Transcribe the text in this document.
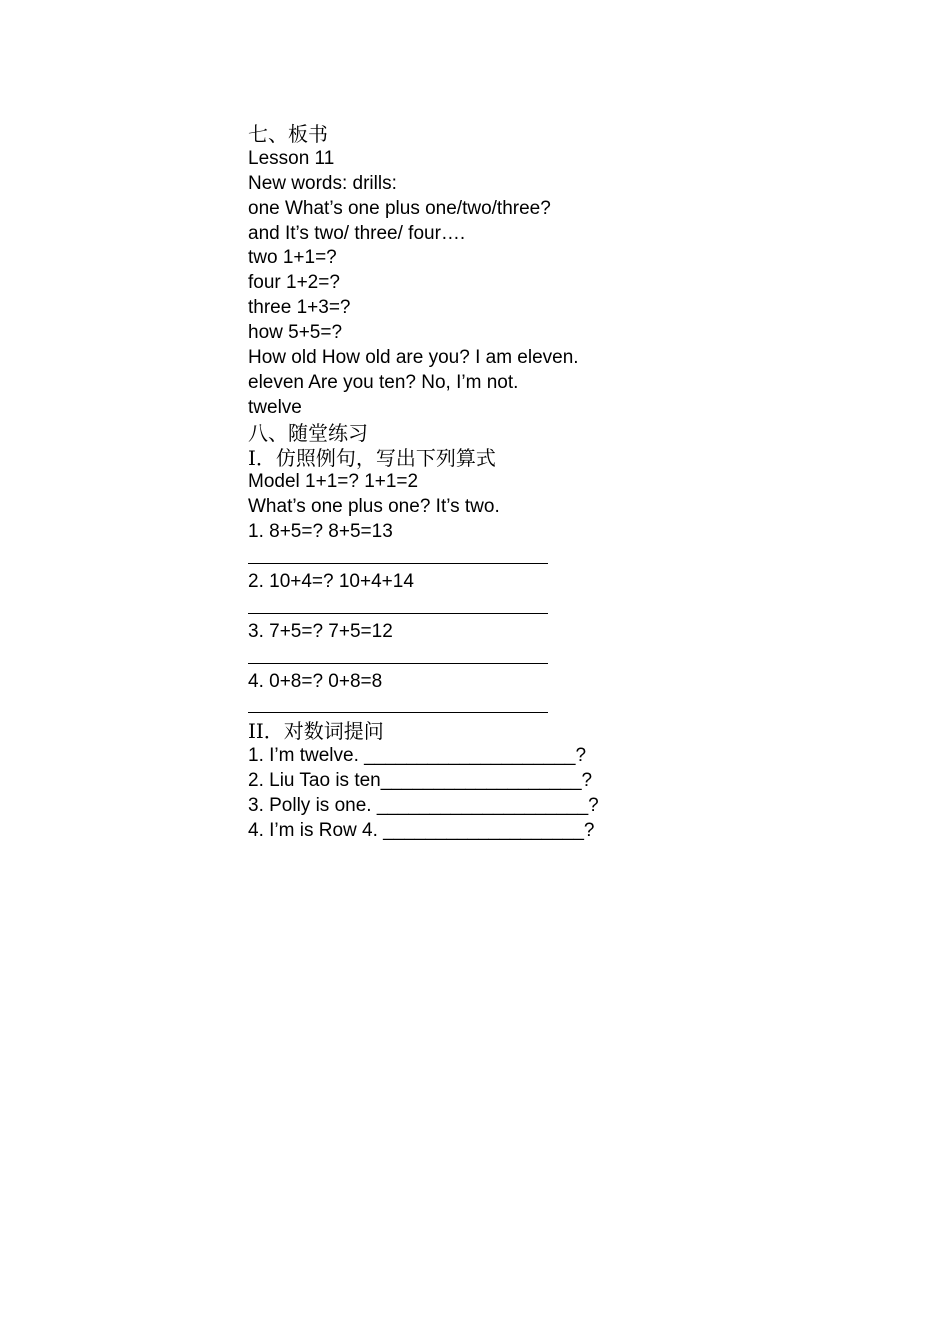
七、板书
Lesson 11
New words: drills:
one What’s one plus one/two/three?
and It’s two/ three/ four….
two 1+1=?
four 1+2=?
three 1+3=?
how 5+5=?
How old How old are you? I am eleven.
eleven Are you ten? No, I’m not.
twelve
八、随堂练习
I．仿照例句，写出下列算式
Model 1+1=? 1+1=2
What’s one plus one? It’s two.
1. 8+5=? 8+5=13
2. 10+4=? 10+4+14
3. 7+5=? 7+5=12
4. 0+8=? 0+8=8
II．对数词提问
1. I’m twelve. ____________________?
2. Liu Tao is ten___________________?
3. Polly is one. ____________________?
4. I’m is Row 4. ___________________?
